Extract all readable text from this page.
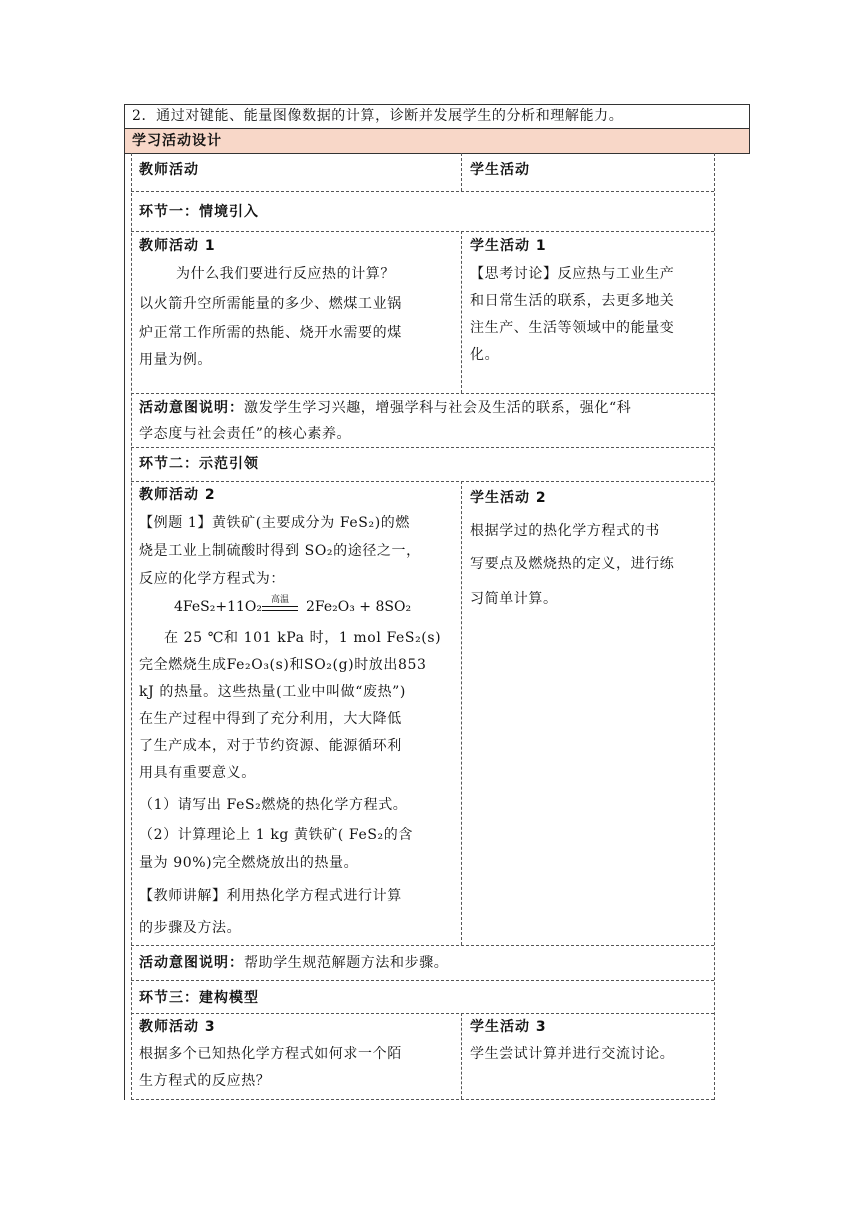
2．通过对键能、能量图像数据的计算，诊断并发展学生的分析和理解能力。
学习活动设计
教师活动	学生活动
环节一：情境引入
教师活动 1
为什么我们要进行反应热的计算？
以火箭升空所需能量的多少、燃煤工业锅
炉正常工作所需的热能、烧开水需要的煤
用量为例。
学生活动 1
【思考讨论】反应热与工业生产
和日常生活的联系，去更多地关
注生产、生活等领域中的能量变
化。
活动意图说明：激发学生学习兴趣，增强学科与社会及生活的联系，强化“科
学态度与社会责任”的核心素养。
环节二：示范引领
教师活动 2
【例题 1】黄铁矿(主要成分为 FeS₂)的燃
烧是工业上制硫酸时得到 SO₂的途径之一，
反应的化学方程式为：
4FeS₂+11O₂	高温	2Fe₂O₃ + 8SO₂
在 25 ℃和 101 kPa 时，1 mol FeS₂(s)
完全燃烧生成Fe₂O₃(s)和SO₂(g)时放出853
kJ 的热量。这些热量(工业中叫做“废热”)
在生产过程中得到了充分利用，大大降低
了生产成本，对于节约资源、能源循环利
用具有重要意义。
（1）请写出 FeS₂燃烧的热化学方程式。
（2）计算理论上 1 kg 黄铁矿( FeS₂的含
量为 90%)完全燃烧放出的热量。
【教师讲解】利用热化学方程式进行计算
的步骤及方法。
学生活动 2
根据学过的热化学方程式的书
写要点及燃烧热的定义，进行练
习简单计算。
活动意图说明：帮助学生规范解题方法和步骤。
环节三：建构模型
教师活动 3
根据多个已知热化学方程式如何求一个陌
生方程式的反应热？
学生活动 3
学生尝试计算并进行交流讨论。
